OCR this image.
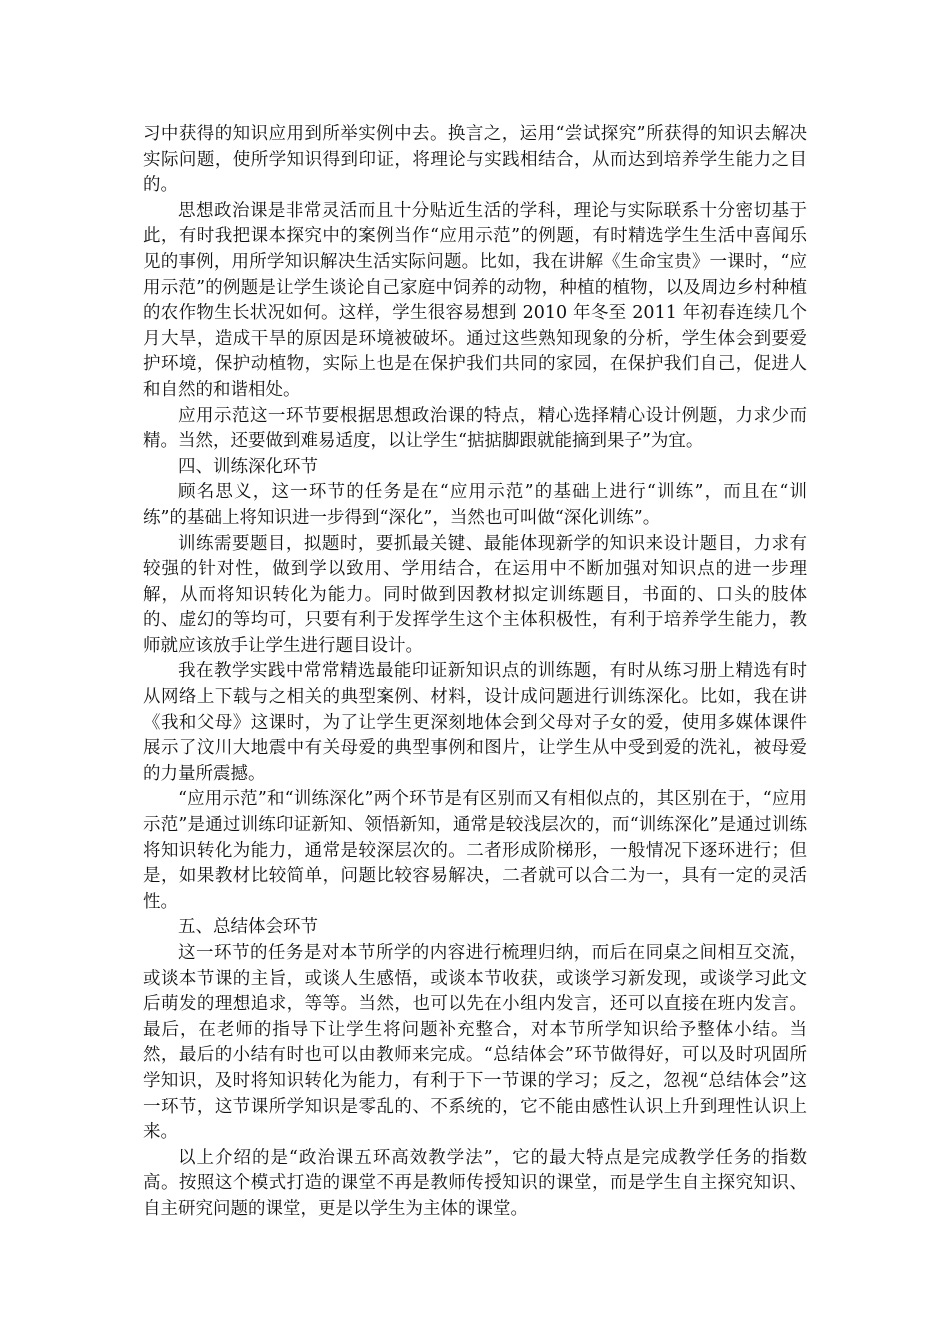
习中获得的知识应用到所举实例中去。换言之，运用“尝试探究”所获得的知识去解决实际问题，使所学知识得到印证，将理论与实践相结合，从而达到培养学生能力之目的。

思想政治课是非常灵活而且十分贴近生活的学科，理论与实际联系十分密切基于此，有时我把课本探究中的案例当作“应用示范”的例题，有时精选学生生活中喜闻乐见的事例，用所学知识解决生活实际问题。比如，我在讲解《生命宝贵》一课时，“应用示范”的例题是让学生谈论自己家庭中饲养的动物，种植的植物，以及周边乡村种植的农作物生长状况如何。这样，学生很容易想到 2010 年冬至 2011 年初春连续几个月大旱，造成干旱的原因是环境被破坏。通过这些熟知现象的分析，学生体会到要爱护环境，保护动植物，实际上也是在保护我们共同的家园，在保护我们自己，促进人和自然的和谐相处。

应用示范这一环节要根据思想政治课的特点，精心选择精心设计例题，力求少而精。当然，还要做到难易适度，以让学生“掂掂脚跟就能摘到果子”为宜。

四、训练深化环节

顾名思义，这一环节的任务是在“应用示范”的基础上进行“训练”，而且在“训练”的基础上将知识进一步得到“深化”，当然也可叫做“深化训练”。

训练需要题目，拟题时，要抓最关键、最能体现新学的知识来设计题目，力求有较强的针对性，做到学以致用、学用结合，在运用中不断加强对知识点的进一步理解，从而将知识转化为能力。同时做到因教材拟定训练题目，书面的、口头的肢体的、虚幻的等均可，只要有利于发挥学生这个主体积极性，有利于培养学生能力，教师就应该放手让学生进行题目设计。

我在教学实践中常常精选最能印证新知识点的训练题，有时从练习册上精选有时从网络上下载与之相关的典型案例、材料，设计成问题进行训练深化。比如，我在讲《我和父母》这课时，为了让学生更深刻地体会到父母对子女的爱，使用多媒体课件展示了汶川大地震中有关母爱的典型事例和图片，让学生从中受到爱的洗礼，被母爱的力量所震撼。

“应用示范”和“训练深化”两个环节是有区别而又有相似点的，其区别在于，“应用示范”是通过训练印证新知、领悟新知，通常是较浅层次的，而“训练深化”是通过训练将知识转化为能力，通常是较深层次的。二者形成阶梯形，一般情况下逐环进行；但是，如果教材比较简单，问题比较容易解决，二者就可以合二为一，具有一定的灵活性。

五、总结体会环节

这一环节的任务是对本节所学的内容进行梳理归纳，而后在同桌之间相互交流，或谈本节课的主旨，或谈人生感悟，或谈本节收获，或谈学习新发现，或谈学习此文后萌发的理想追求，等等。当然，也可以先在小组内发言，还可以直接在班内发言。最后，在老师的指导下让学生将问题补充整合，对本节所学知识给予整体小结。当然，最后的小结有时也可以由教师来完成。“总结体会”环节做得好，可以及时巩固所学知识，及时将知识转化为能力，有利于下一节课的学习；反之，忽视“总结体会”这一环节，这节课所学知识是零乱的、不系统的，它不能由感性认识上升到理性认识上来。

以上介绍的是“政治课五环高效教学法”，它的最大特点是完成教学任务的指数高。按照这个模式打造的课堂不再是教师传授知识的课堂，而是学生自主探究知识、自主研究问题的课堂，更是以学生为主体的课堂。
